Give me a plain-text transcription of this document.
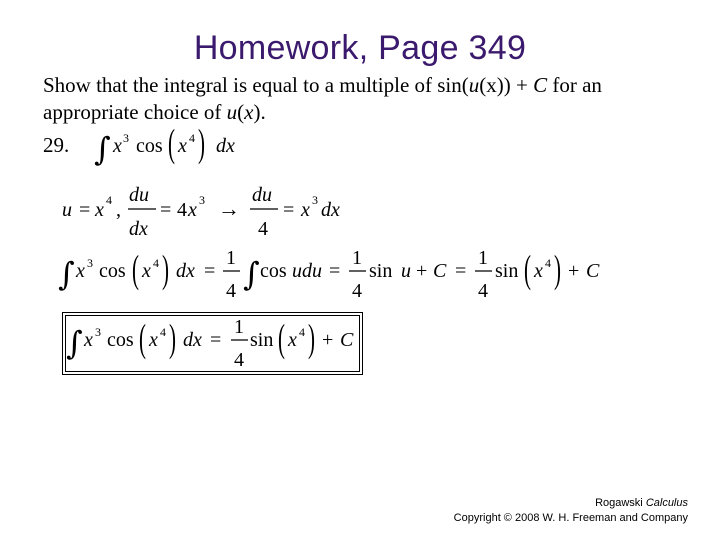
Homework, Page 349
Show that the integral is equal to a multiple of sin(u(x)) + C for an appropriate choice of u(x).
29. ∫ x 3 cos ( x 4 ) dx
u = x 4 ,
du
dx
= 4 x 3 →
du
4
= x 3 dx
∫ x 3 cos ( x 4 ) dx =
1
4 ∫ cos udu =
1
4
sin u + C =
1
4
sin ( x 4 ) + C
∫ x 3 cos ( x 4 ) dx =
1
4
sin ( x 4 ) + C
Rogawski Calculus
Copyright © 2008 W. H. Freeman and Company
